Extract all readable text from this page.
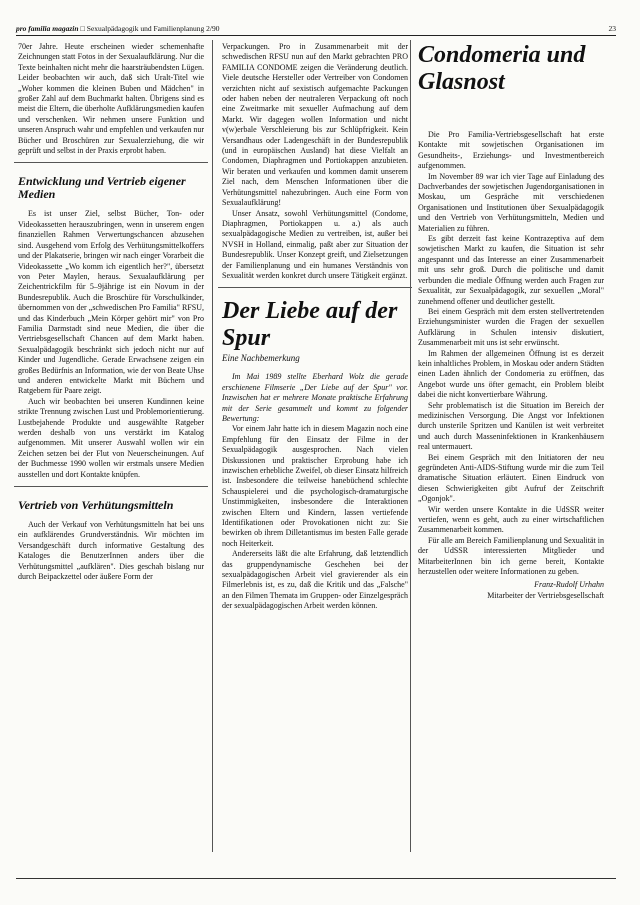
pro familia magazin □ Sexualpädagogik und Familienplanung 2/90	23

70er Jahre. Heute erscheinen wieder schemenhafte Zeichnungen statt Fotos in der Sexualaufklärung. Nur die Texte beinhalten nicht mehr die haarsträubendsten Lügen. Leider beobachten wir auch, daß sich Uralt-Titel wie „Woher kommen die kleinen Buben und Mädchen" in großer Zahl auf dem Buchmarkt halten. Übrigens sind es meist die Eltern, die überholte Aufklärungsmedien kaufen und verschenken. Wir nehmen unsere Funktion und unseren Anspruch wahr und empfehlen und verkaufen nur Bücher und Broschüren zur Sexualerziehung, die wir geprüft und selbst in der Praxis erprobt haben.

Entwicklung und Vertrieb eigener Medien

Es ist unser Ziel, selbst Bücher, Ton- oder Videokassetten herauszubringen, wenn in unserem engen finanziellen Rahmen Verwertungschancen abzusehen sind. Ausgehend vom Erfolg des Verhütungsmittelkoffers und der Plakatserie, bringen wir nach einger Vorarbeit die Videokassette „Wo komm ich eigentlich her?", übersetzt von Peter Maylen, heraus. Sexualaufklärung per Zeichentrickfilm für 5–9jährige ist ein Novum in der Bundesrepublik. Auch die Broschüre für Vorschulkinder, übernommen von der „schwedischen Pro Familia" RFSU, und das Kinderbuch „Mein Körper gehört mir" von Pro Familia Darmstadt sind neue Medien, die über die Vertriebsgesellschaft Chancen auf dem Markt haben. Sexualpädagogik beschränkt sich jedoch nicht nur auf Kinder und Jugendliche. Gerade Erwachsene zeigen ein großes Bedürfnis an Information, wie der von Beate Uhse und anderen entwickelte Markt mit Büchern und Ratgebern für Paare zeigt.

Auch wir beobachten bei unseren Kundinnen keine strikte Trennung zwischen Lust und Problemorientierung. Lustbejahende Produkte und ausgewählte Ratgeber werden deshalb von uns verstärkt im Katalog aufgenommen. Mit unserer Auswahl wollen wir ein Zeichen setzen bei der Flut von Neuerscheinungen. Auf der Buchmesse 1990 wollen wir erstmals unsere Medien ausstellen und dort Kontakte knüpfen.

Vertrieb von Verhütungsmitteln

Auch der Verkauf von Verhütungsmitteln hat bei uns ein aufklärendes Grundverständnis. Wir möchten im Versandgeschäft durch informative Gestaltung des Kataloges die BenutzerInnen anders über die Verhütungsmittel „aufklären". Dies geschah bislang nur durch Beipackzettel oder äußere Form der

Verpackungen. Pro in Zusammenarbeit mit der schwedischen RFSU nun auf den Markt gebrachten PRO FAMILIA CONDOME zeigen die Veränderung deutlich. Viele deutsche Hersteller oder Vertreiber von Condomen verzichten nicht auf sexistisch aufgemachte Packungen oder haben neben der neutraleren Verpackung oft noch eine Zweitmarke mit sexueller Aufmachung auf dem Markt. Wir dagegen wollen Information und nicht v(w)erbale Verschleierung bis zur Schlüpfrigkeit. Kein Versandhaus oder Ladengeschäft in der Bundesrepublik (und in europäischen Ausland) hat diese Vielfalt an Condomen, Diaphragmen und Portiokappen anzubieten. Wir beraten und verkaufen und kommen damit unserem Ziel nach, dem Menschen Informationen über die Verhütungsmittel nahezubringen. Auch eine Form von Sexualaufklärung!

Unser Ansatz, sowohl Verhütungsmittel (Condome, Diaphragmen, Portiokappen u. a.) als auch sexualpädagogische Medien zu vertreiben, ist, außer bei NVSH in Holland, einmalig, paßt aber zur Situation der Bundesrepublik. Unser Konzept greift, und Zielsetzungen der Familienplanung und ein humanes Verständnis von Sexualität werden konkret durch unsere Tätigkeit ergänzt.

Der Liebe auf der Spur
Eine Nachbemerkung

Im Mai 1989 stellte Eberhard Wolz die gerade erschienene Filmserie „Der Liebe auf der Spur" vor. Inzwischen hat er mehrere Monate praktische Erfahrung mit der Serie gesammelt und kommt zu folgender Bewertung:

Vor einem Jahr hatte ich in diesem Magazin noch eine Empfehlung für den Einsatz der Filme in der Sexualpädagogik ausgesprochen. Nach vielen Diskussionen und praktischer Erprobung habe ich inzwischen erhebliche Zweifel, ob dieser Einsatz hilfreich ist. Insbesondere die teilweise hanebüchend schlechte Schauspielerei und die psychologisch-dramaturgische Unstimmigkeiten, insbesondere die Interaktionen zwischen Eltern und Kindern, lassen vertiefende Identifikationen oder Provokationen nicht zu: Sie bewirken ob ihrem Dilletantismus im besten Falle gerade noch Heiterkeit.

Andererseits läßt die alte Erfahrung, daß letztendlich das gruppendynamische Geschehen bei der sexualpädagogischen Arbeit viel gravierender als ein Filmerlebnis ist, es zu, daß die Kritik und das „Falsche" an den Filmen Themata im Gruppen- oder Einzelgespräch der sexualpädagogischen Arbeit werden können.

Condomeria und Glasnost

Die Pro Familia-Vertriebsgesellschaft hat erste Kontakte mit sowjetischen Organisationen im Gesundheits-, Erziehungs- und Investmentbereich aufgenommen.

Im November 89 war ich vier Tage auf Einladung des Dachverbandes der sowjetischen Jugendorganisationen in Moskau, um Gespräche mit verschiedenen Organisationen und Institutionen über Sexualpädagogik und den Vertrieb von Verhütungsmitteln, Medien und Materialien zu führen.

Es gibt derzeit fast keine Kontrazeptiva auf dem sowjetischen Markt zu kaufen, die Situation ist sehr angespannt und das Interesse an einer Zusammenarbeit mit uns sehr groß. Durch die politische und damit verbunden die mediale Öffnung werden auch Fragen zur Sexualität, zur Sexualpädagogik, zur sexuellen „Moral" zunehmend offener und deutlicher gestellt.

Bei einem Gespräch mit dem ersten stellvertretenden Erziehungsminister wurden die Fragen der sexuellen Aufklärung in Schulen intensiv diskutiert, Zusammenarbeit mit uns ist sehr erwünscht.

Im Rahmen der allgemeinen Öffnung ist es derzeit kein inhaltliches Problem, in Moskau oder andern Städten einen Laden ähnlich der Condomeria zu eröffnen, das Angebot wurde uns öfter gemacht, ein Problem bleibt dabei die nicht konvertierbare Währung.

Sehr problematisch ist die Situation im Bereich der medizinischen Versorgung. Die Angst vor Infektionen durch unsterile Spritzen und Kanülen ist weit verbreitet und auch durch Masseninfektionen in Krankenhäusern real untermauert.

Bei einem Gespräch mit den Initiatoren der neu gegründeten Anti-AIDS-Stiftung wurde mir die zum Teil dramatische Situation erläutert. Einen Eindruck von diesen Schwierigkeiten gibt Aufruf der Zeitschrift „Ogonjok".

Wir werden unsere Kontakte in die UdSSR weiter vertiefen, wenn es geht, auch zu einer wirtschaftlichen Zusammenarbeit kommen.

Für alle am Bereich Familienplanung und Sexualität in der UdSSR interessierten Mitglieder und MitarbeiterInnen bin ich gerne bereit, Kontakte herzustellen oder weitere Informationen zu geben.

Franz-Rudolf Urhahn

Mitarbeiter der Vertriebsgesellschaft
